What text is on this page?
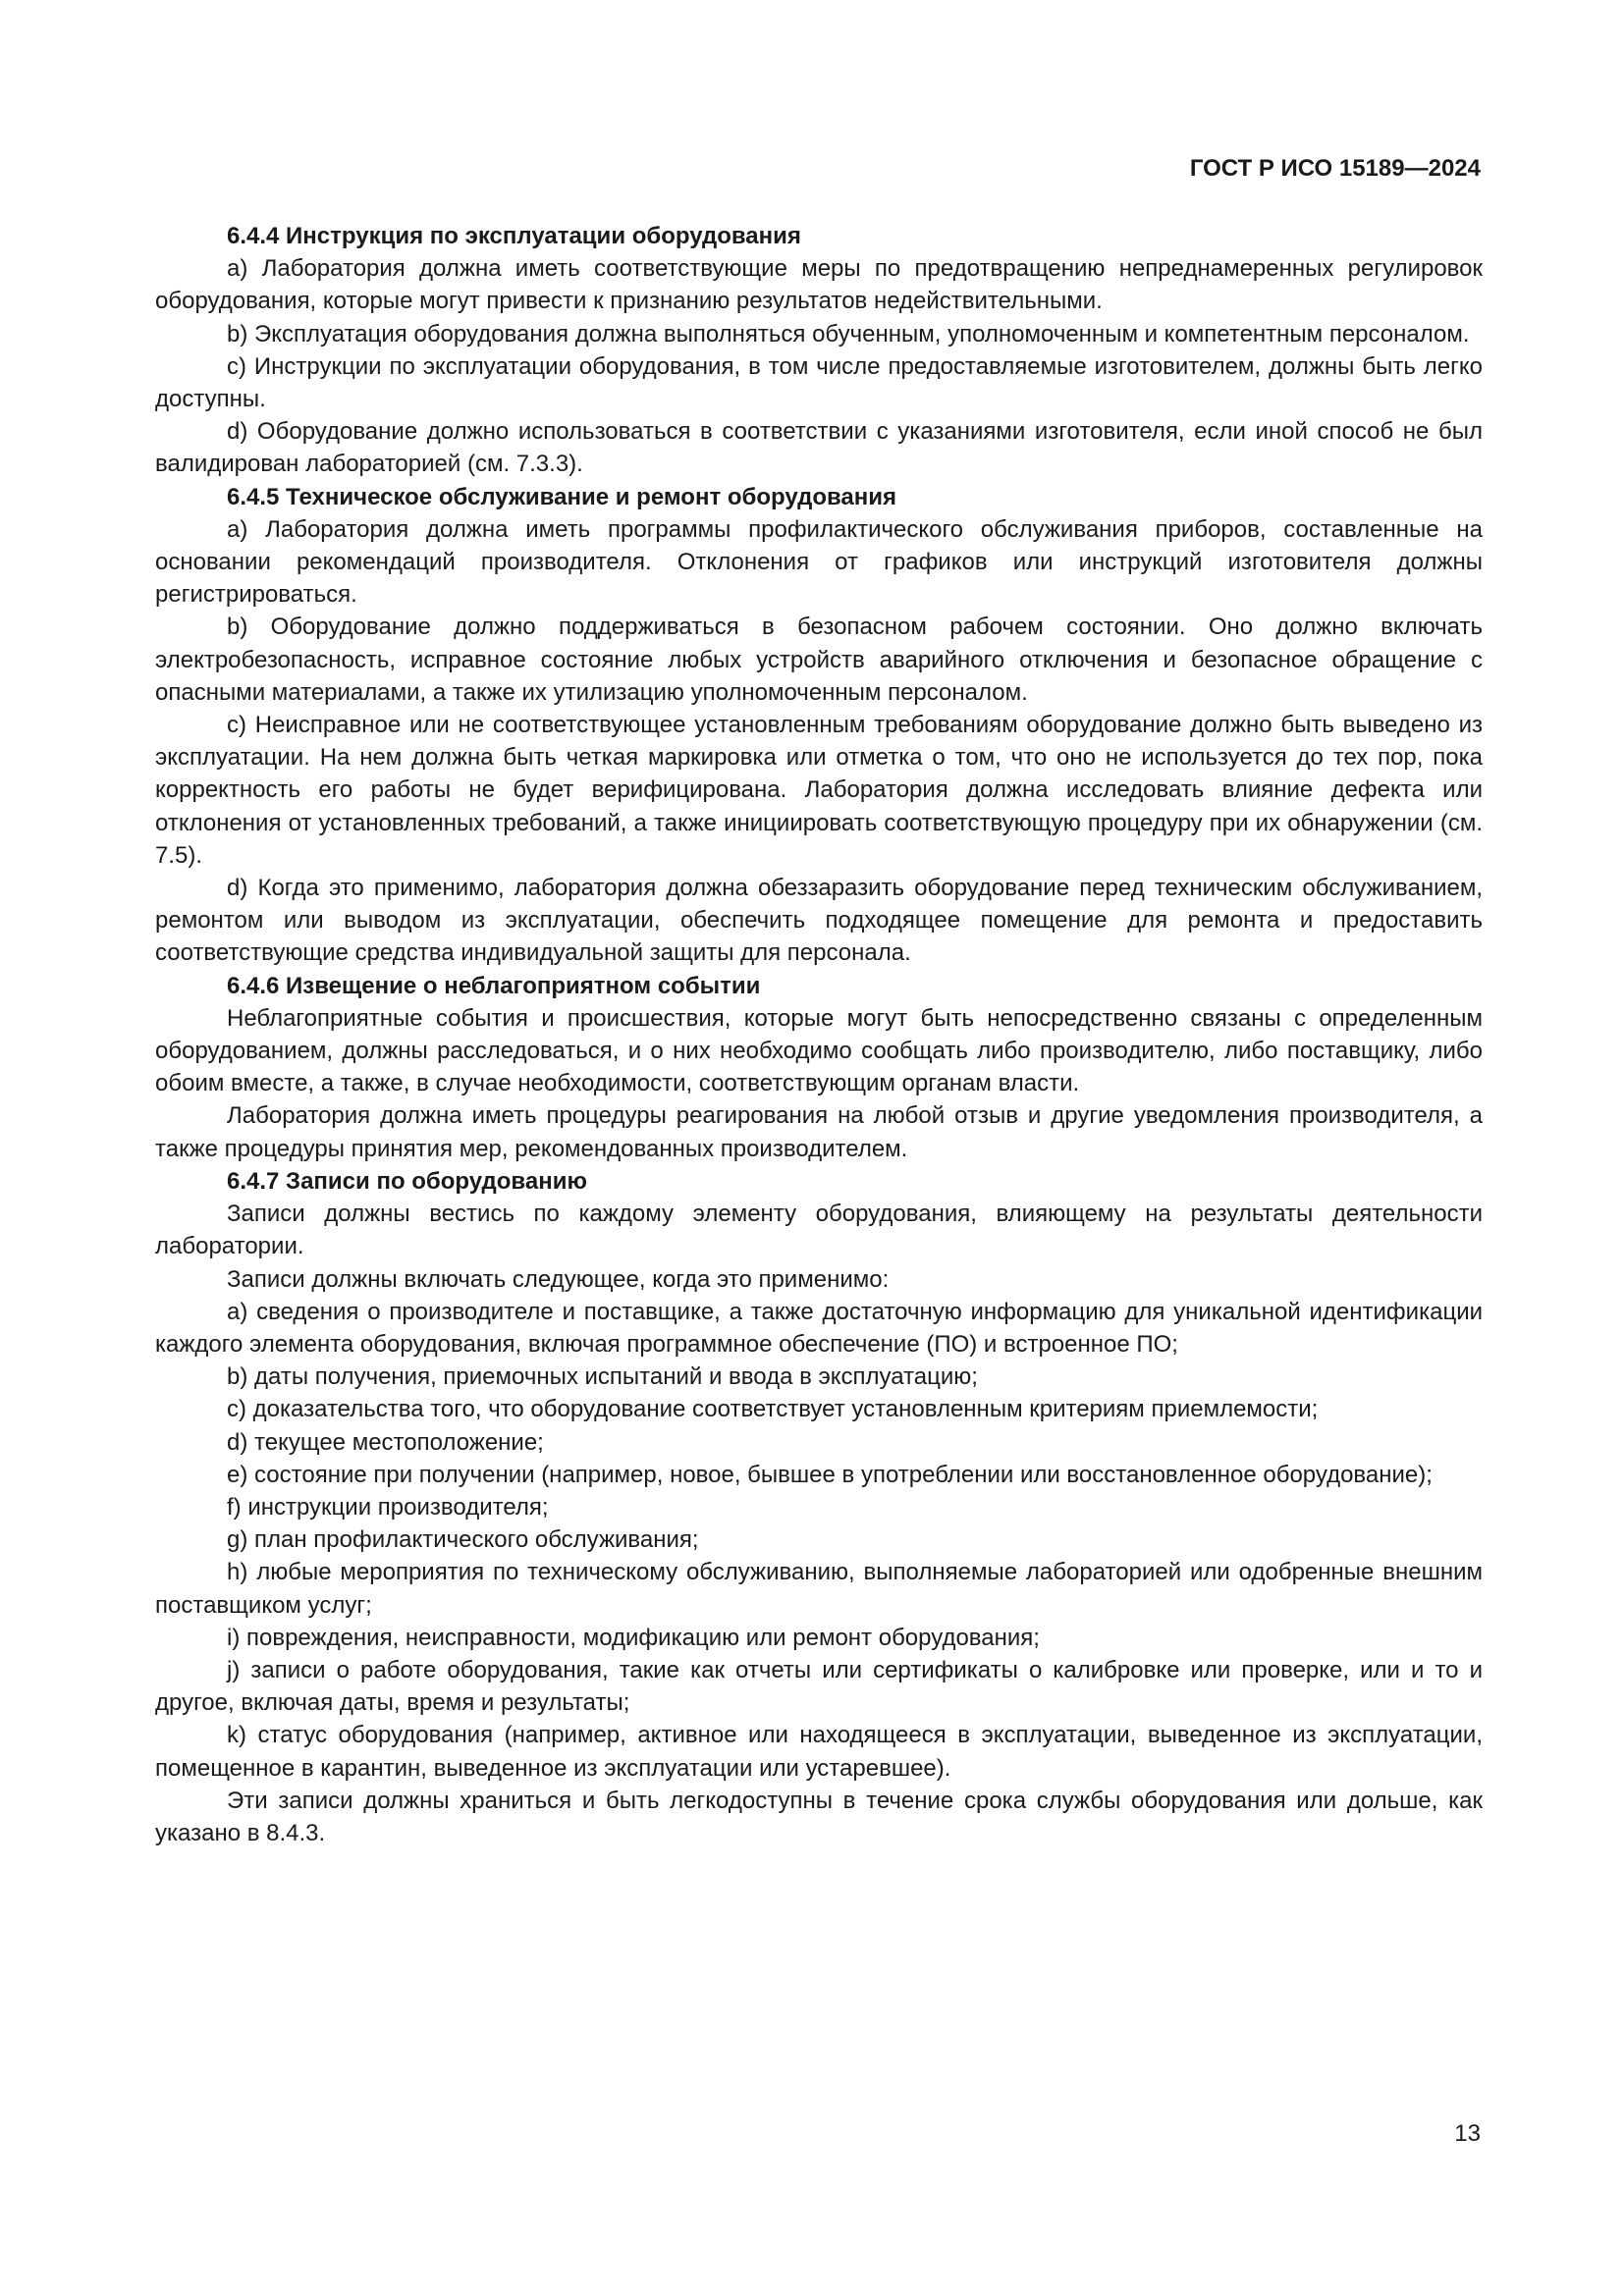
ГОСТ Р ИСО 15189—2024

6.4.4 Инструкция по эксплуатации оборудования

a) Лаборатория должна иметь соответствующие меры по предотвращению непреднамеренных регулировок оборудования, которые могут привести к признанию результатов недействительными.

b) Эксплуатация оборудования должна выполняться обученным, уполномоченным и компетентным персоналом.

c) Инструкции по эксплуатации оборудования, в том числе предоставляемые изготовителем, должны быть легко доступны.

d) Оборудование должно использоваться в соответствии с указаниями изготовителя, если иной способ не был валидирован лабораторией (см. 7.3.3).

6.4.5 Техническое обслуживание и ремонт оборудования

a) Лаборатория должна иметь программы профилактического обслуживания приборов, составленные на основании рекомендаций производителя. Отклонения от графиков или инструкций изготовителя должны регистрироваться.

b) Оборудование должно поддерживаться в безопасном рабочем состоянии. Оно должно включать электробезопасность, исправное состояние любых устройств аварийного отключения и безопасное обращение с опасными материалами, а также их утилизацию уполномоченным персоналом.

c) Неисправное или не соответствующее установленным требованиям оборудование должно быть выведено из эксплуатации. На нем должна быть четкая маркировка или отметка о том, что оно не используется до тех пор, пока корректность его работы не будет верифицирована. Лаборатория должна исследовать влияние дефекта или отклонения от установленных требований, а также инициировать соответствующую процедуру при их обнаружении (см. 7.5).

d) Когда это применимо, лаборатория должна обеззаразить оборудование перед техническим обслуживанием, ремонтом или выводом из эксплуатации, обеспечить подходящее помещение для ремонта и предоставить соответствующие средства индивидуальной защиты для персонала.

6.4.6 Извещение о неблагоприятном событии

Неблагоприятные события и происшествия, которые могут быть непосредственно связаны с определенным оборудованием, должны расследоваться, и о них необходимо сообщать либо производителю, либо поставщику, либо обоим вместе, а также, в случае необходимости, соответствующим органам власти.

Лаборатория должна иметь процедуры реагирования на любой отзыв и другие уведомления производителя, а также процедуры принятия мер, рекомендованных производителем.

6.4.7 Записи по оборудованию

Записи должны вестись по каждому элементу оборудования, влияющему на результаты деятельности лаборатории.

Записи должны включать следующее, когда это применимо:

a) сведения о производителе и поставщике, а также достаточную информацию для уникальной идентификации каждого элемента оборудования, включая программное обеспечение (ПО) и встроенное ПО;

b) даты получения, приемочных испытаний и ввода в эксплуатацию;

c) доказательства того, что оборудование соответствует установленным критериям приемлемости;

d) текущее местоположение;

e) состояние при получении (например, новое, бывшее в употреблении или восстановленное оборудование);

f) инструкции производителя;

g) план профилактического обслуживания;

h) любые мероприятия по техническому обслуживанию, выполняемые лабораторией или одобренные внешним поставщиком услуг;

i) повреждения, неисправности, модификацию или ремонт оборудования;

j) записи о работе оборудования, такие как отчеты или сертификаты о калибровке или проверке, или и то и другое, включая даты, время и результаты;

k) статус оборудования (например, активное или находящееся в эксплуатации, выведенное из эксплуатации, помещенное в карантин, выведенное из эксплуатации или устаревшее).

Эти записи должны храниться и быть легкодоступны в течение срока службы оборудования или дольше, как указано в 8.4.3.

13
